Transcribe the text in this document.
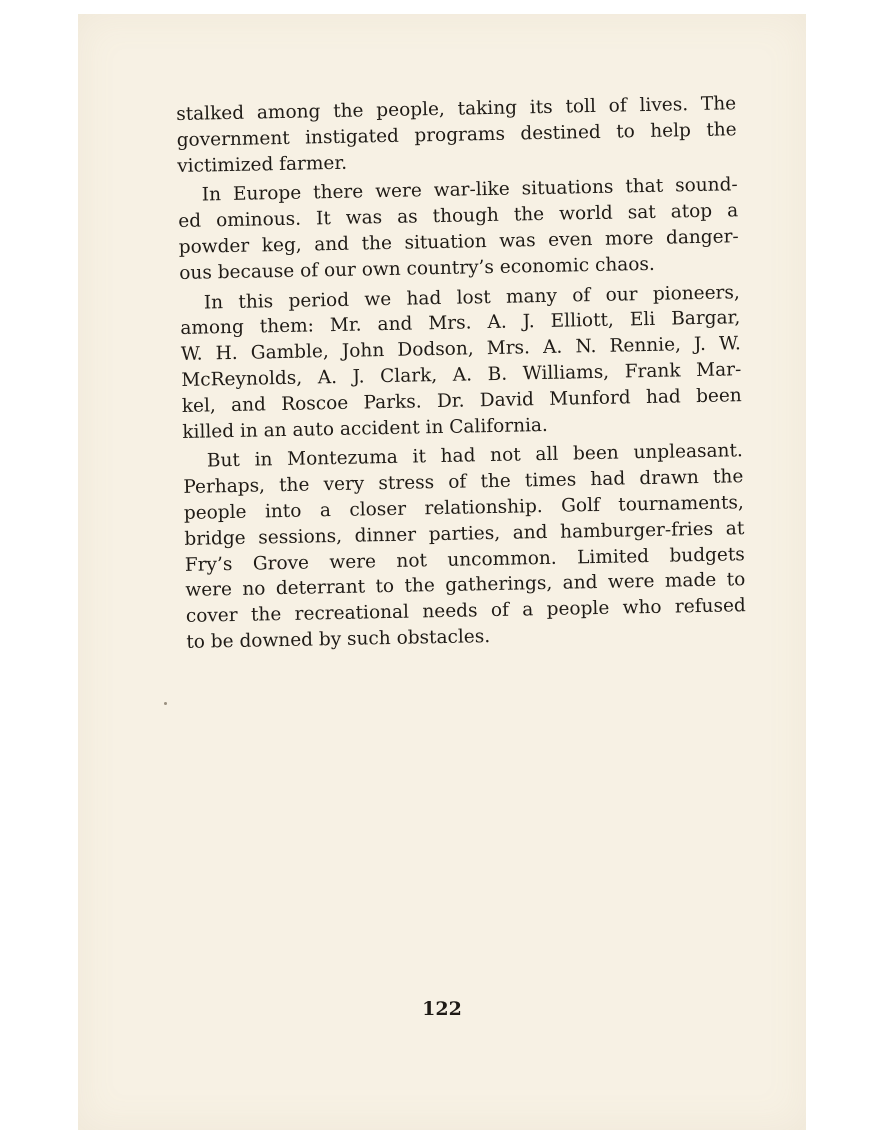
stalked among the people, taking its toll of lives. The
government instigated programs destined to help the
victimized farmer.
In Europe there were war-like situations that sound-
ed ominous. It was as though the world sat atop a
powder keg, and the situation was even more danger-
ous because of our own country’s economic chaos.
In this period we had lost many of our pioneers,
among them: Mr. and Mrs. A. J. Elliott, Eli Bargar,
W. H. Gamble, John Dodson, Mrs. A. N. Rennie, J. W.
McReynolds, A. J. Clark, A. B. Williams, Frank Mar-
kel, and Roscoe Parks. Dr. David Munford had been
killed in an auto accident in California.
But in Montezuma it had not all been unpleasant.
Perhaps, the very stress of the times had drawn the
people into a closer relationship. Golf tournaments,
bridge sessions, dinner parties, and hamburger-fries at
Fry’s Grove were not uncommon. Limited budgets
were no deterrant to the gatherings, and were made to
cover the recreational needs of a people who refused
to be downed by such obstacles.
122
